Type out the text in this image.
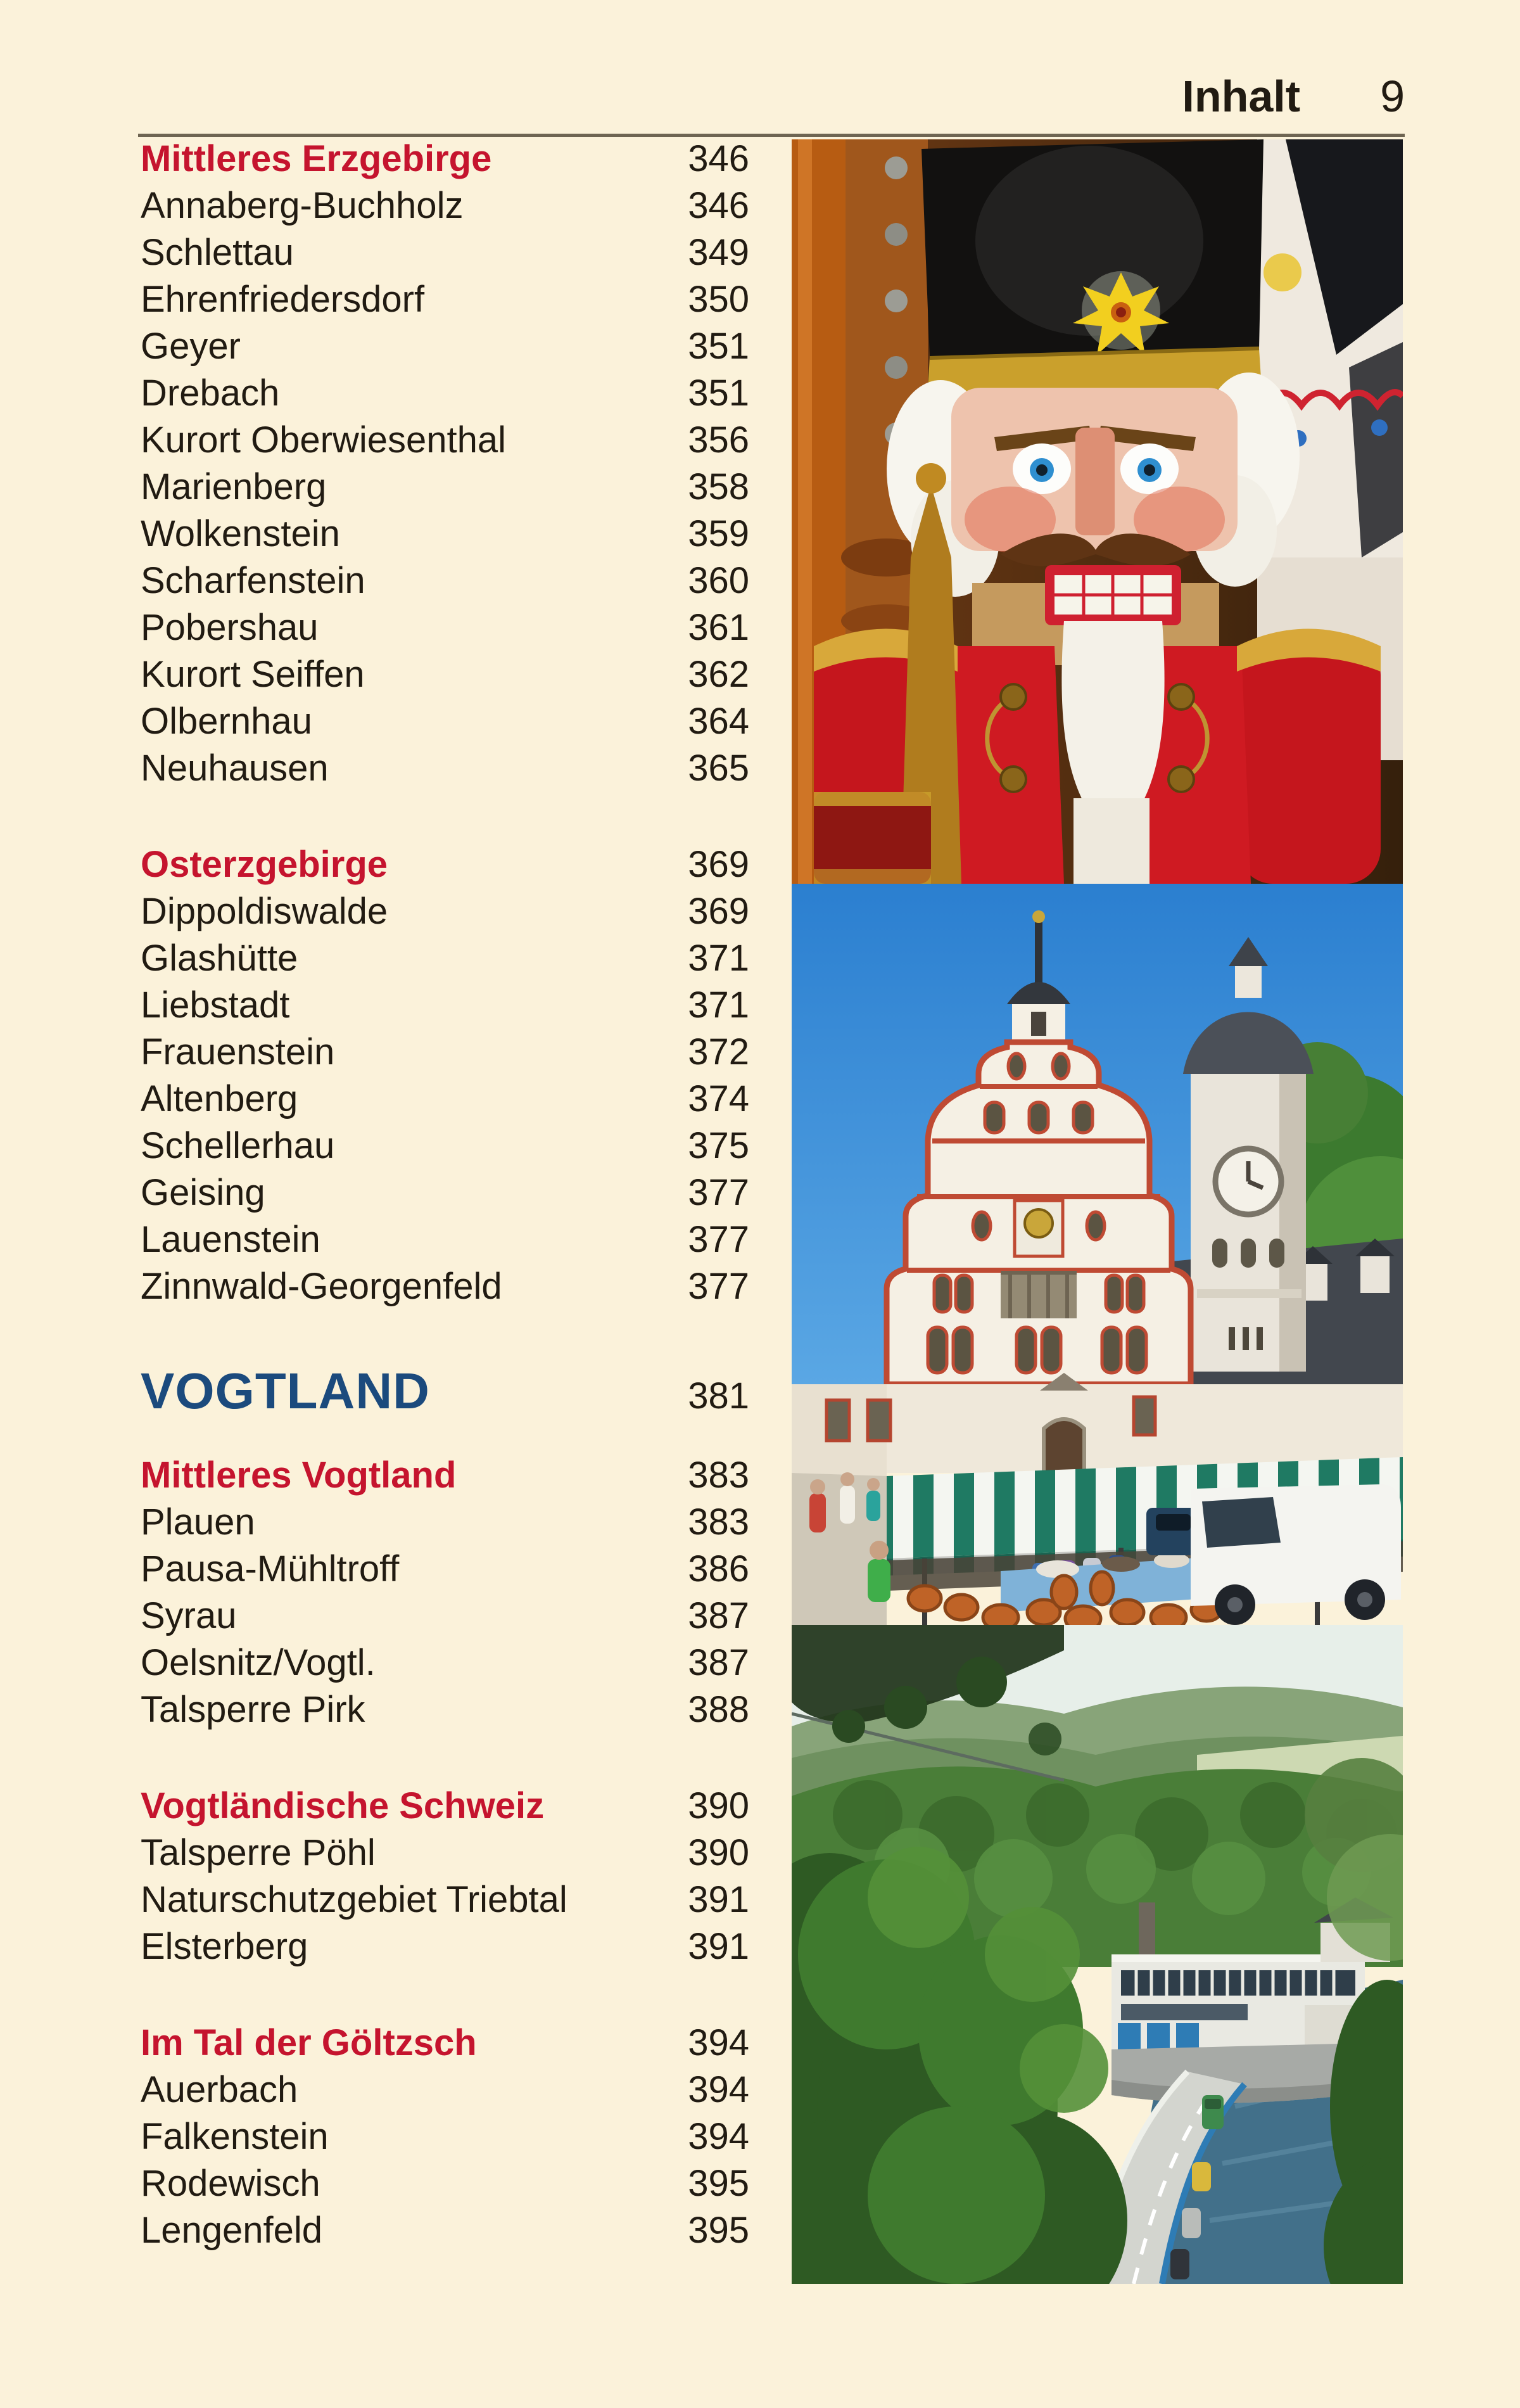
Inhalt 9
Mittleres Erzgebirge	346
Annaberg-Buchholz	346
Schlettau	349
Ehrenfriedersdorf	350
Geyer	351
Drebach	351
Kurort Oberwiesenthal	356
Marienberg	358
Wolkenstein	359
Scharfenstein	360
Pobershau	361
Kurort Seiffen	362
Olbernhau	364
Neuhausen	365
Osterzgebirge	369
Dippoldiswalde	369
Glashütte	371
Liebstadt	371
Frauenstein	372
Altenberg	374
Schellerhau	375
Geising	377
Lauenstein	377
Zinnwald-Georgenfeld	377
VOGTLAND	381
Mittleres Vogtland	383
Plauen	383
Pausa-Mühltroff	386
Syrau	387
Oelsnitz/Vogtl.	387
Talsperre Pirk	388
Vogtländische Schweiz	390
Talsperre Pöhl	390
Naturschutzgebiet Triebtal	391
Elsterberg	391
Im Tal der Göltzsch	394
Auerbach	394
Falkenstein	394
Rodewisch	395
Lengenfeld	395
